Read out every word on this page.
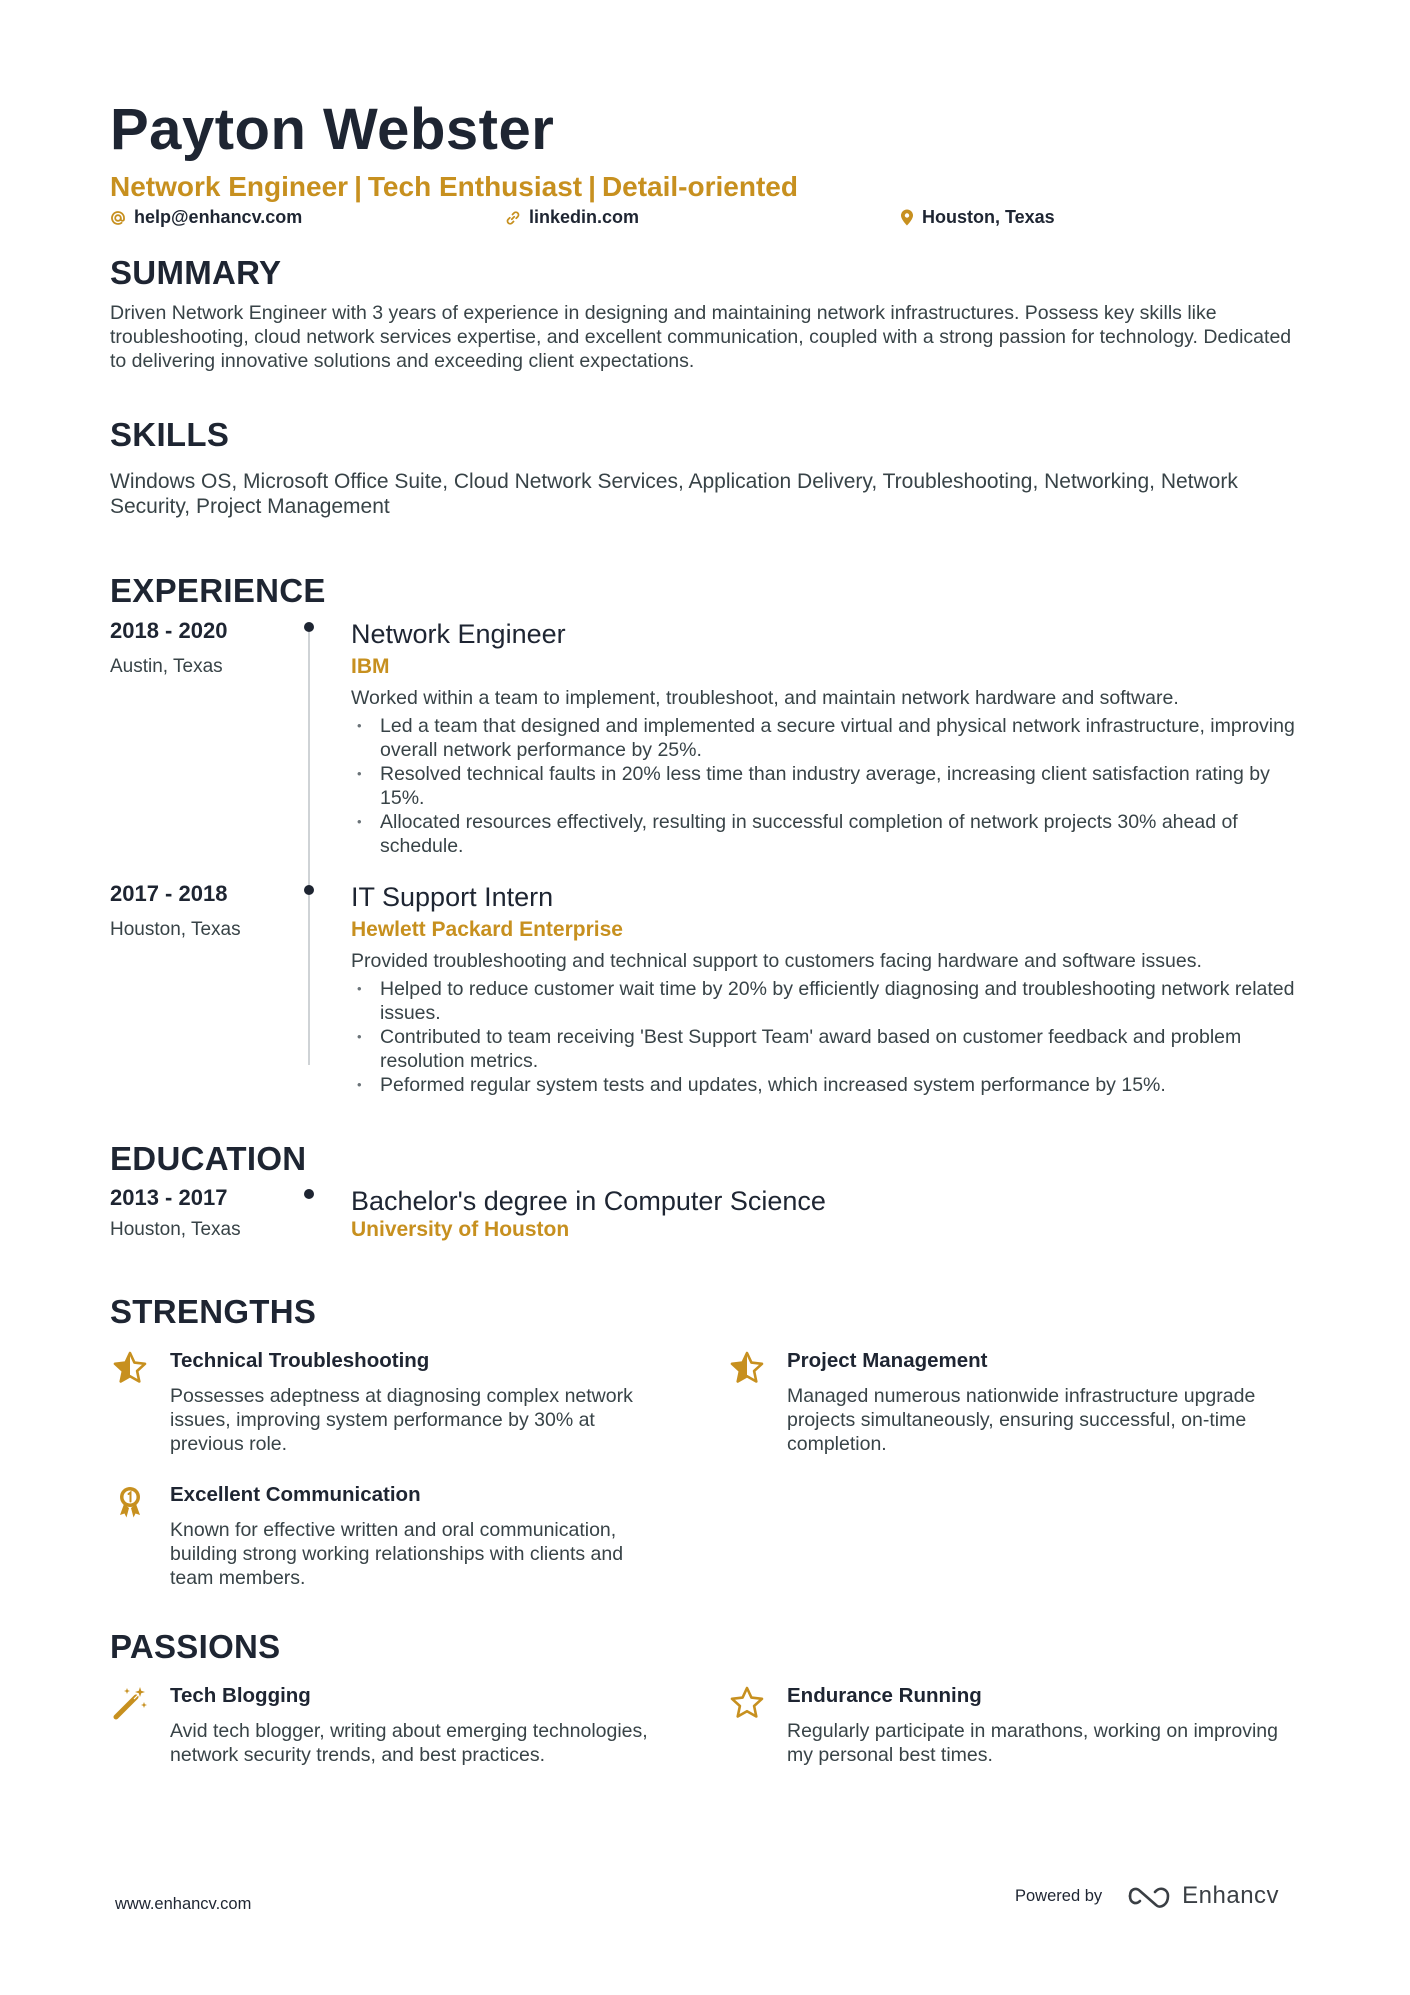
Payton Webster
Network Engineer | Tech Enthusiast | Detail-oriented
help@enhancv.com	linkedin.com	Houston, Texas
SUMMARY
Driven Network Engineer with 3 years of experience in designing and maintaining network infrastructures. Possess key skills like troubleshooting, cloud network services expertise, and excellent communication, coupled with a strong passion for technology. Dedicated to delivering innovative solutions and exceeding client expectations.
SKILLS
Windows OS, Microsoft Office Suite, Cloud Network Services, Application Delivery, Troubleshooting, Networking, Network Security, Project Management
EXPERIENCE
2018 - 2020
Austin, Texas
Network Engineer
IBM
Worked within a team to implement, troubleshoot, and maintain network hardware and software.
• Led a team that designed and implemented a secure virtual and physical network infrastructure, improving overall network performance by 25%.
• Resolved technical faults in 20% less time than industry average, increasing client satisfaction rating by 15%.
• Allocated resources effectively, resulting in successful completion of network projects 30% ahead of schedule.
2017 - 2018
Houston, Texas
IT Support Intern
Hewlett Packard Enterprise
Provided troubleshooting and technical support to customers facing hardware and software issues.
• Helped to reduce customer wait time by 20% by efficiently diagnosing and troubleshooting network related issues.
• Contributed to team receiving 'Best Support Team' award based on customer feedback and problem resolution metrics.
• Peformed regular system tests and updates, which increased system performance by 15%.
EDUCATION
2013 - 2017
Houston, Texas
Bachelor's degree in Computer Science
University of Houston
STRENGTHS
Technical Troubleshooting
Possesses adeptness at diagnosing complex network issues, improving system performance by 30% at previous role.
Project Management
Managed numerous nationwide infrastructure upgrade projects simultaneously, ensuring successful, on-time completion.
Excellent Communication
Known for effective written and oral communication, building strong working relationships with clients and team members.
PASSIONS
Tech Blogging
Avid tech blogger, writing about emerging technologies, network security trends, and best practices.
Endurance Running
Regularly participate in marathons, working on improving my personal best times.
www.enhancv.com	Powered by	Enhancv
